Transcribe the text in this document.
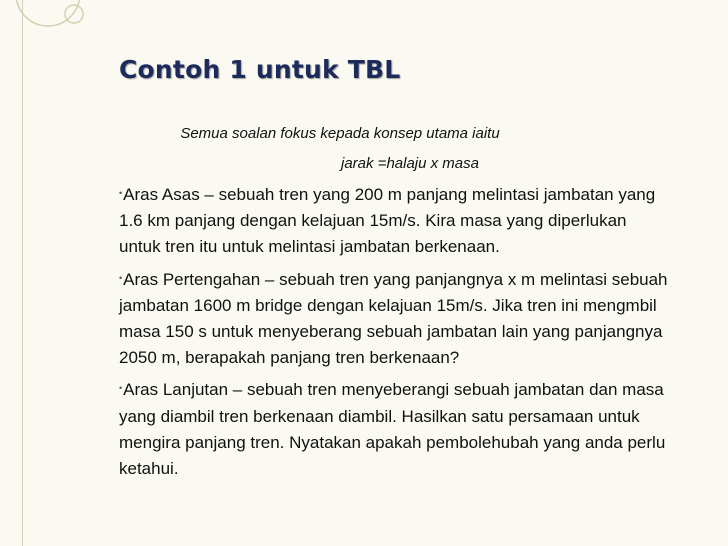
Contoh 1 untuk TBL
Semua soalan fokus kepada konsep utama iaitu
jarak =halaju x masa
•Aras Asas – sebuah tren yang 200 m panjang melintasi jambatan yang
1.6 km panjang dengan kelajuan 15m/s. Kira masa yang diperlukan
untuk tren itu untuk melintasi jambatan berkenaan.
•Aras Pertengahan – sebuah tren yang panjangnya x m melintasi sebuah
jambatan 1600 m bridge dengan kelajuan 15m/s. Jika tren ini mengmbil
masa 150 s untuk menyeberang sebuah jambatan lain yang panjangnya
2050 m, berapakah panjang tren berkenaan?
•Aras Lanjutan – sebuah tren menyeberangi sebuah jambatan dan masa
yang diambil tren berkenaan diambil. Hasilkan satu persamaan untuk
mengira panjang tren. Nyatakan apakah pembolehubah yang anda perlu
ketahui.
